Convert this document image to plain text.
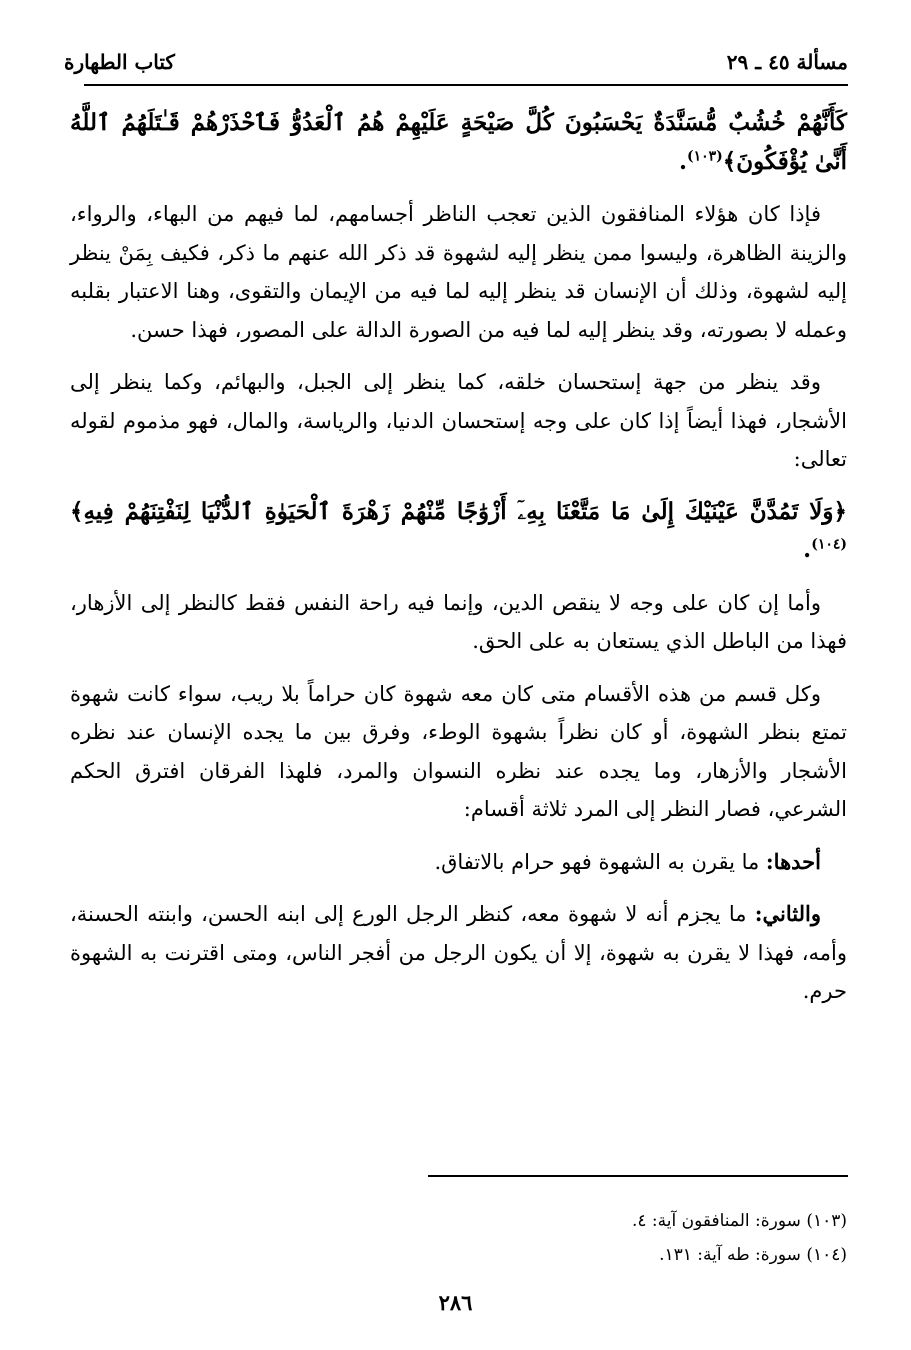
مسألة ٤٥ ـ ٢٩
كتاب الطهارة

كَأَنَّهُمْ خُشُبٌ مُّسَنَّدَةٌ يَحْسَبُونَ كُلَّ صَيْحَةٍ عَلَيْهِمْ هُمُ ٱلْعَدُوُّ فَٱحْذَرْهُمْ قَـٰتَلَهُمُ ٱللَّهُ أَنَّىٰ يُؤْفَكُونَ﴾$^{(١٠٣)}$.

فإذا كان هؤلاء المنافقون الذين تعجب الناظر أجسامهم، لما فيهم من البهاء، والرواء، والزينة الظاهرة، وليسوا ممن ينظر إليه لشهوة قد ذكر الله عنهم ما ذكر، فكيف بِمَنْ ينظر إليه لشهوة، وذلك أن الإنسان قد ينظر إليه لما فيه من الإيمان والتقوى، وهنا الاعتبار بقلبه وعمله لا بصورته، وقد ينظر إليه لما فيه من الصورة الدالة على المصور، فهذا حسن.

وقد ينظر من جهة إستحسان خلقه، كما ينظر إلى الجبل، والبهائم، وكما ينظر إلى الأشجار، فهذا أيضاً إذا كان على وجه إستحسان الدنيا، والرياسة، والمال، فهو مذموم لقوله تعالى:

﴿وَلَا تَمُدَّنَّ عَيْنَيْكَ إِلَىٰ مَا مَتَّعْنَا بِهِۦٓ أَزْوَٰجًا مِّنْهُمْ زَهْرَةَ ٱلْحَيَوٰةِ ٱلدُّنْيَا لِنَفْتِنَهُمْ فِيهِ﴾$^{(١٠٤)}$.

وأما إن كان على وجه لا ينقص الدين، وإنما فيه راحة النفس فقط كالنظر إلى الأزهار، فهذا من الباطل الذي يستعان به على الحق.

وكل قسم من هذه الأقسام متى كان معه شهوة كان حراماً بلا ريب، سواء كانت شهوة تمتع بنظر الشهوة، أو كان نظراً بشهوة الوطء، وفرق بين ما يجده الإنسان عند نظره الأشجار والأزهار، وما يجده عند نظره النسوان والمرد، فلهذا الفرقان افترق الحكم الشرعي، فصار النظر إلى المرد ثلاثة أقسام:

أحدها: ما يقرن به الشهوة فهو حرام بالاتفاق.

والثاني: ما يجزم أنه لا شهوة معه، كنظر الرجل الورع إلى ابنه الحسن، وابنته الحسنة، وأمه، فهذا لا يقرن به شهوة، إلا أن يكون الرجل من أفجر الناس، ومتى اقترنت به الشهوة حرم.

(١٠٣) سورة: المنافقون آية: ٤.

(١٠٤) سورة: طه آية: ١٣١.

٢٨٦
